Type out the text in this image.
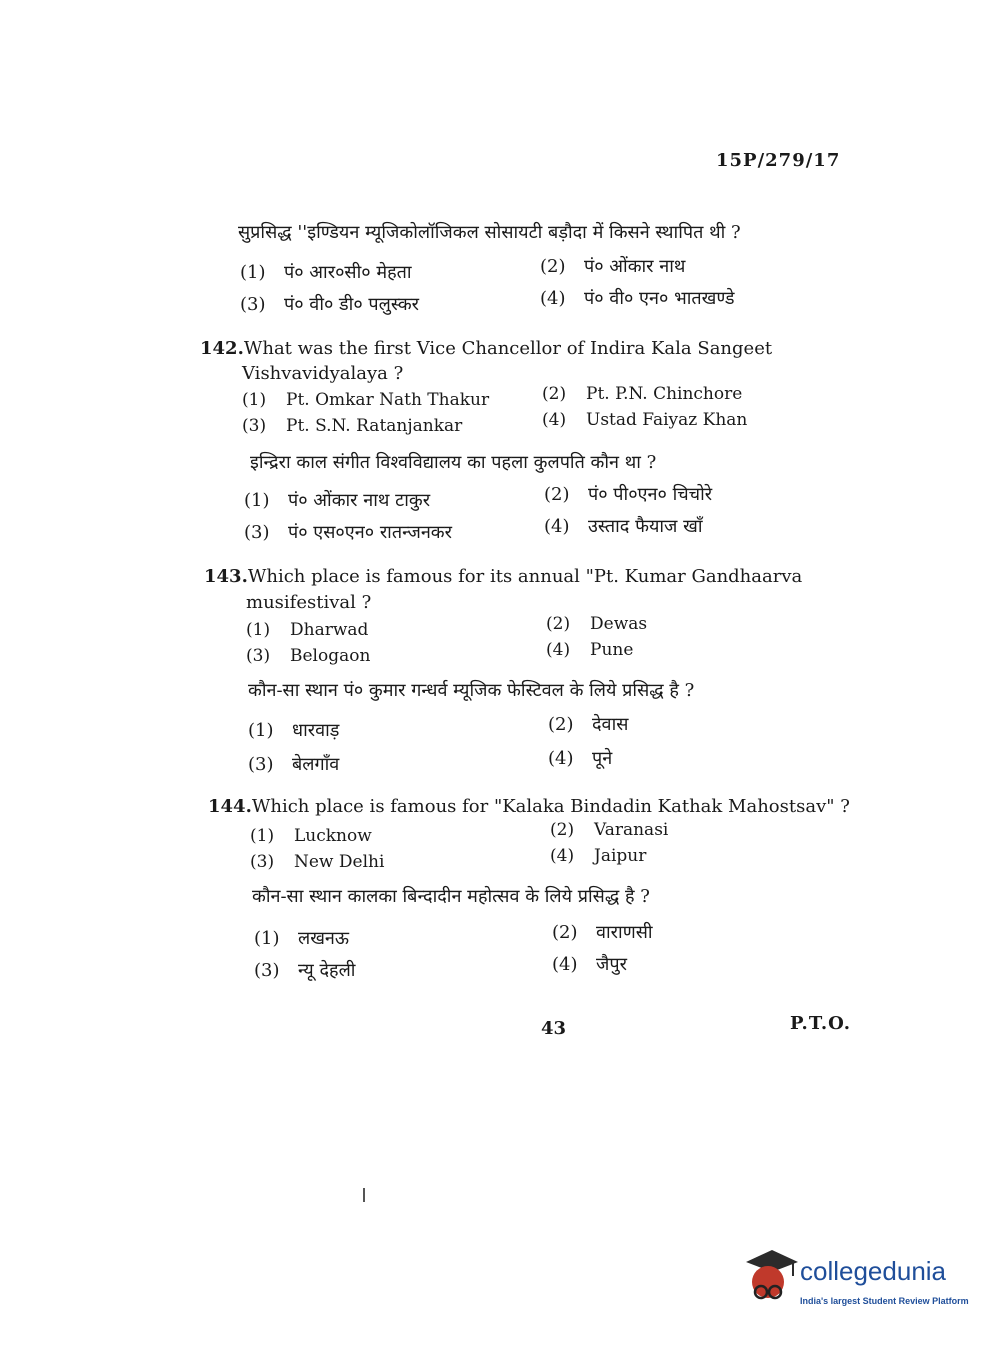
15P/279/17
सुप्रसिद्ध ''इण्डियन म्यूजिकोलॉजिकल सोसायटी बड़ौदा में किसने स्थापित थी ?
(1) पं० आर०सी० मेहता	(2) पं० ओंकार नाथ
(3) पं० वी० डी० पलुस्कर	(4) पं० वी० एन० भातखण्डे
142.What was the first Vice Chancellor of Indira Kala Sangeet
Vishvavidyalaya ?
(1) Pt. Omkar Nath Thakur	(2) Pt. P.N. Chinchore
(3) Pt. S.N. Ratanjankar	(4) Ustad Faiyaz Khan
इन्द्रिरा काल संगीत विश्वविद्यालय का पहला कुलपति कौन था ?
(1) पं० ओंकार नाथ टाकुर	(2) पं० पी०एन० चिचोरे
(3) पं० एस०एन० रातन्जनकर	(4) उस्ताद फैयाज खाँ
143.Which place is famous for its annual "Pt. Kumar Gandhaarva
musifestival ?
(1) Dharwad	(2) Dewas
(3) Belogaon	(4) Pune
कौन-सा स्थान पं० कुमार गन्धर्व म्यूजिक फेस्टिवल के लिये प्रसिद्ध है ?
(1) धारवाड़	(2) देवास
(3) बेलगाँव	(4) पूने
144.Which place is famous for "Kalaka Bindadin Kathak Mahostsav" ?
(1) Lucknow	(2) Varanasi
(3) New Delhi	(4) Jaipur
कौन-सा स्थान कालका बिन्दादीन महोत्सव के लिये प्रसिद्ध है ?
(1) लखनऊ	(2) वाराणसी
(3) न्यू देहली	(4) जैपुर
43	P.T.O.
collegedunia
India's largest Student Review Platform
